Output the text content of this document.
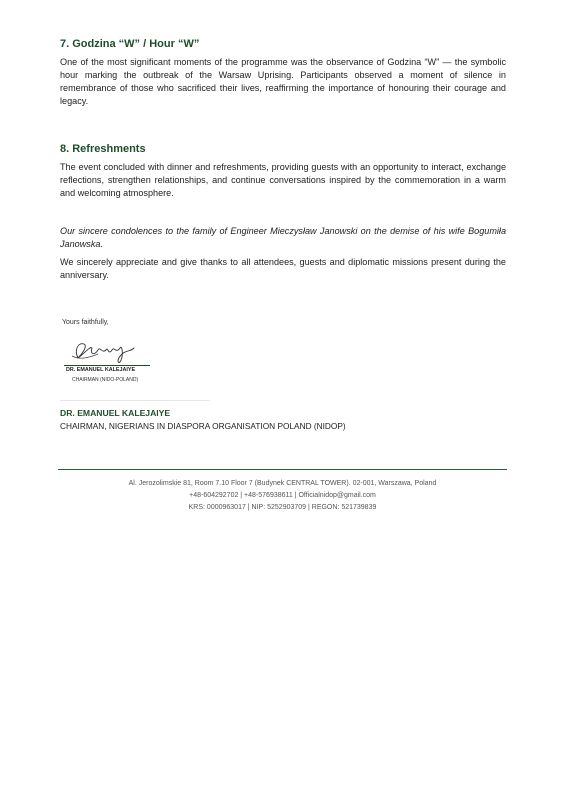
7. Godzina “W” / Hour “W”

One of the most significant moments of the programme was the observance of Godzina “W” — the symbolic hour marking the outbreak of the Warsaw Uprising. Participants observed a moment of silence in remembrance of those who sacrificed their lives, reaffirming the importance of honouring their courage and legacy.

8. Refreshments

The event concluded with dinner and refreshments, providing guests with an opportunity to interact, exchange reflections, strengthen relationships, and continue conversations inspired by the commemoration in a warm and welcoming atmosphere.

Our sincere condolences to the family of Engineer Mieczysław Janowski on the demise of his wife Bogumiła Janowska.

We sincerely appreciate and give thanks to all attendees, guests and diplomatic missions present during the anniversary.

Yours faithfully,
DR. EMANUEL KALEJAIYE
CHAIRMAN (NIDO-POLAND)
DR. EMANUEL KALEJAIYE
CHAIRMAN, NIGERIANS IN DIASPORA ORGANISATION POLAND (NIDOP)
Al. Jerozolimskie 81, Room 7.10 Floor 7 (Budynek CENTRAL TOWER). 02-001, Warszawa, Poland
+48-604292702 | +48-576938611 | Officialnidop@gmail.com
KRS: 0000963017 | NIP: 5252903709 | REGON: 521739839
